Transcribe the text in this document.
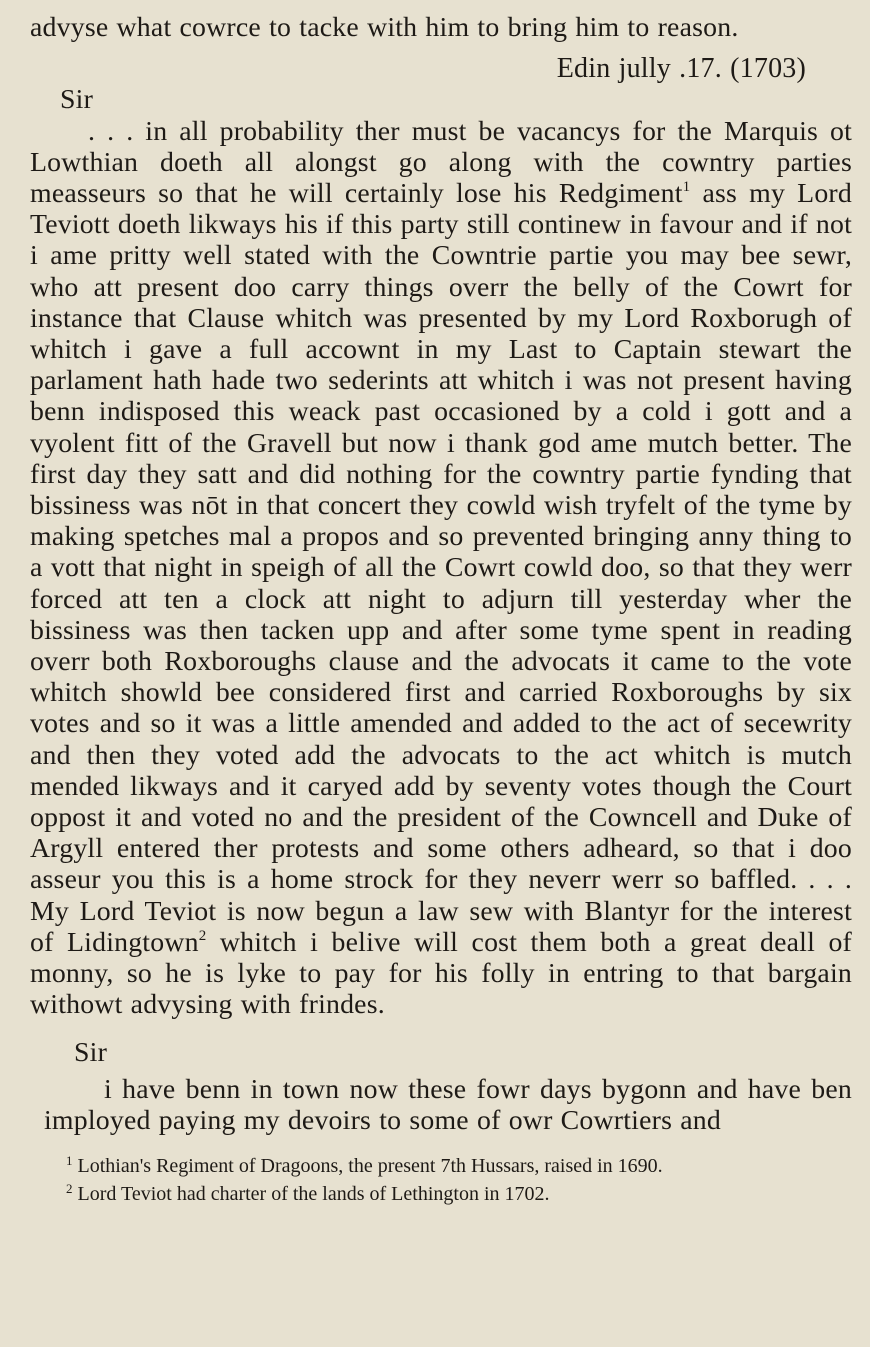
advyse what cowrce to tacke with him to bring him to reason.

Edin jully .17. (1703)

Sir

. . . in all probability ther must be vacancys for the Marquis ot Lowthian doeth all alongst go along with the cowntry parties measseurs so that he will certainly lose his Redgiment$^1$ ass my Lord Teviott doeth likways his if this party still continew in favour and if not i ame pritty well stated with the Cowntrie partie you may bee sewr, who att present doo carry things overr the belly of the Cowrt for instance that Clause whitch was presented by my Lord Roxborugh of whitch i gave a full accownt in my Last to Captain stewart the parlament hath hade two sederints att whitch i was not present having benn indisposed this weack past occasioned by a cold i gott and a vyolent fitt of the Gravell but now i thank god ame mutch better. The first day they satt and did nothing for the cowntry partie fynding that bissiness was nōt in that concert they cowld wish tryfelt of the tyme by making spetches mal a propos and so prevented bringing anny thing to a vott that night in speigh of all the Cowrt cowld doo, so that they werr forced att ten a clock att night to adjurn till yesterday wher the bissiness was then tacken upp and after some tyme spent in reading overr both Roxboroughs clause and the advocats it came to the vote whitch showld bee considered first and carried Roxboroughs by six votes and so it was a little amended and added to the act of secewrity and then they voted add the advocats to the act whitch is mutch mended likways and it caryed add by seventy votes though the Court oppost it and voted no and the president of the Cowncell and Duke of Argyll entered ther protests and some others adheard, so that i doo asseur you this is a home strock for they neverr werr so baffled. . . . My Lord Teviot is now begun a law sew with Blantyr for the interest of Lidingtown$^2$ whitch i belive will cost them both a great deall of monny, so he is lyke to pay for his folly in entring to that bargain withowt advysing with frindes.

Sir

i have benn in town now these fowr days bygonn and have ben imployed paying my devoirs to some of owr Cowrtiers and

$^1$ Lothian's Regiment of Dragoons, the present 7th Hussars, raised in 1690.

$^2$ Lord Teviot had charter of the lands of Lethington in 1702.
